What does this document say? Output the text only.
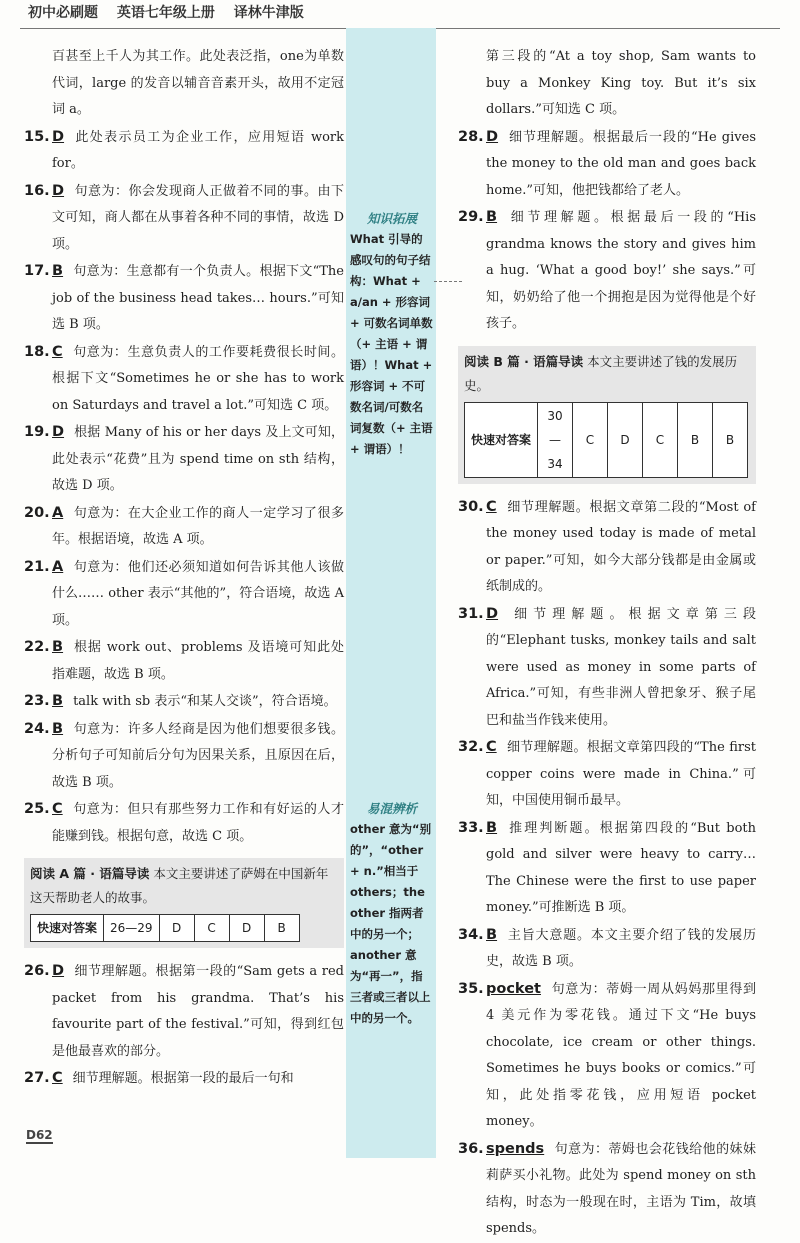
初中必刷题 英语七年级上册 译林牛津版
知识拓展
What 引导的感叹句的句子结构：What + a/an + 形容词 + 可数名词单数（+ 主语 + 谓语）！What + 形容词 + 不可数名词/可数名词复数（+ 主语 + 谓语）！
易混辨析
other 意为“别的”，“other + n.”相当于 others；the other 指两者中的另一个；another 意为“再一”，指三者或三者以上中的另一个。
百甚至上千人为其工作。此处表泛指，one为单数代词，large 的发音以辅音音素开头，故用不定冠词 a。
15. D 此处表示员工为企业工作，应用短语 work for。
16. D 句意为：你会发现商人正做着不同的事。由下文可知，商人都在从事着各种不同的事情，故选 D 项。
17. B 句意为：生意都有一个负责人。根据下文“The job of the business head takes… hours.”可知选 B 项。
18. C 句意为：生意负责人的工作要耗费很长时间。根据下文“Sometimes he or she has to work on Saturdays and travel a lot.”可知选 C 项。
19. D 根据 Many of his or her days 及上文可知，此处表示“花费”且为 spend time on sth 结构，故选 D 项。
20. A 句意为：在大企业工作的商人一定学习了很多年。根据语境，故选 A 项。
21. A 句意为：他们还必须知道如何告诉其他人该做什么…… other 表示“其他的”，符合语境，故选 A 项。
22. B 根据 work out、problems 及语境可知此处指难题，故选 B 项。
23. B talk with sb 表示“和某人交谈”，符合语境。
24. B 句意为：许多人经商是因为他们想要很多钱。分析句子可知前后分句为因果关系，且原因在后，故选 B 项。
25. C 句意为：但只有那些努力工作和有好运的人才能赚到钱。根据句意，故选 C 项。
阅读 A 篇 · 语篇导读 本文主要讲述了萨姆在中国新年这天帮助老人的故事。
快速对答案	26—29	D	C	D	B
26. D 细节理解题。根据第一段的“Sam gets a red packet from his grandma. That’s his favourite part of the festival.”可知，得到红包是他最喜欢的部分。
27. C 细节理解题。根据第一段的最后一句和
第三段的“At a toy shop, Sam wants to buy a Monkey King toy. But it’s six dollars.”可知选 C 项。
28. D 细节理解题。根据最后一段的“He gives the money to the old man and goes back home.”可知，他把钱都给了老人。
29. B 细节理解题。根据最后一段的“His grandma knows the story and gives him a hug. ‘What a good boy!’ she says.”可知，奶奶给了他一个拥抱是因为觉得他是个好孩子。
阅读 B 篇 · 语篇导读 本文主要讲述了钱的发展历史。
快速对答案	30—34	C	D	C	B	B
30. C 细节理解题。根据文章第二段的“Most of the money used today is made of metal or paper.”可知，如今大部分钱都是由金属或纸制成的。
31. D 细节理解题。根据文章第三段的“Elephant tusks, monkey tails and salt were used as money in some parts of Africa.”可知，有些非洲人曾把象牙、猴子尾巴和盐当作钱来使用。
32. C 细节理解题。根据文章第四段的“The first copper coins were made in China.”可知，中国使用铜币最早。
33. B 推理判断题。根据第四段的“But both gold and silver were heavy to carry… The Chinese were the first to use paper money.”可推断选 B 项。
34. B 主旨大意题。本文主要介绍了钱的发展历史，故选 B 项。
35. pocket 句意为：蒂姆一周从妈妈那里得到 4 美元作为零花钱。通过下文“He buys chocolate, ice cream or other things. Sometimes he buys books or comics.”可知，此处指零花钱，应用短语 pocket money。
36. spends 句意为：蒂姆也会花钱给他的妹妹莉萨买小礼物。此处为 spend money on sth 结构，时态为一般现在时，主语为 Tim，故填 spends。
D62
